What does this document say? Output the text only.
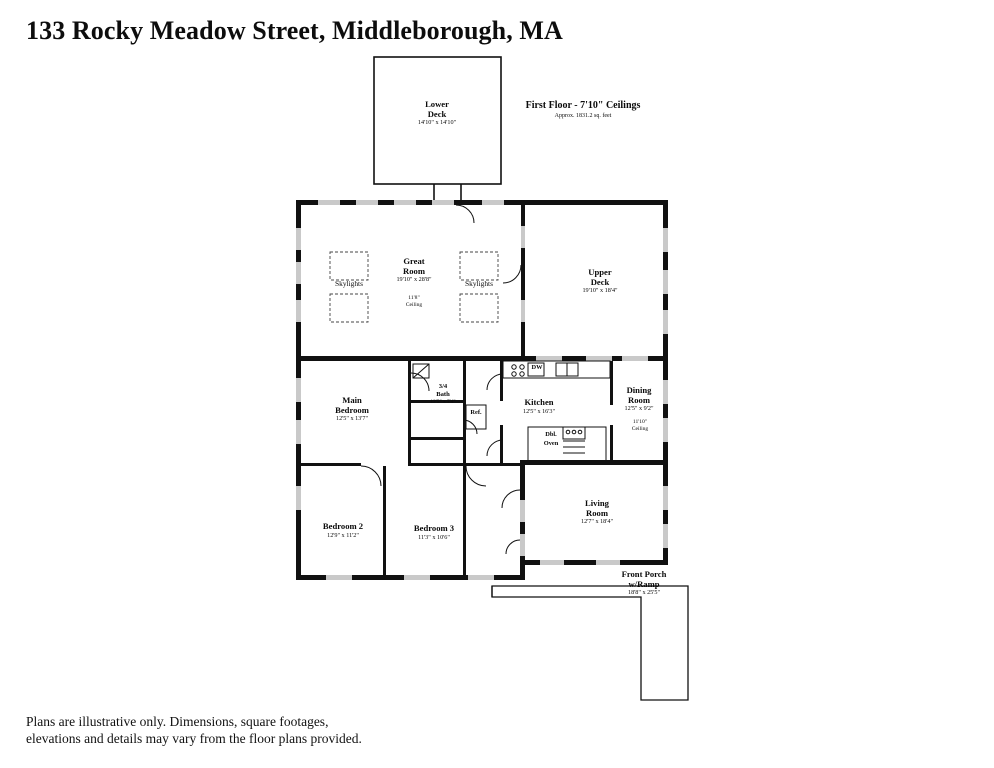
133 Rocky Meadow Street, Middleborough, MA
Lower
Deck
14'10" x 14'10"
First Floor - 7'10" Ceilings
Approx. 1831.2 sq. feet
Great
Room
19'10" x 28'8"
11'8"
Ceiling
Skylights	Skylights
Upper
Deck
19'10" x 18'4"
Main
Bedroom
12'5" x 13'7"
3/4
Bath
12'5" x 7'4"	Kitchen
12'5" x 16'3"
Dining
Room
12'5" x 9'2"
11'10"
Ceiling
Living
Room
12'7" x 18'4"
Bedroom 2
12'9" x 11'2"
Bedroom 3
11'3" x 10'6"
Front Porch
w/Ramp
18'8" x 25'5"
DW
Ref.
Dbl.
Oven
Plans are illustrative only. Dimensions, square footages,
elevations and details may vary from the floor plans provided.
